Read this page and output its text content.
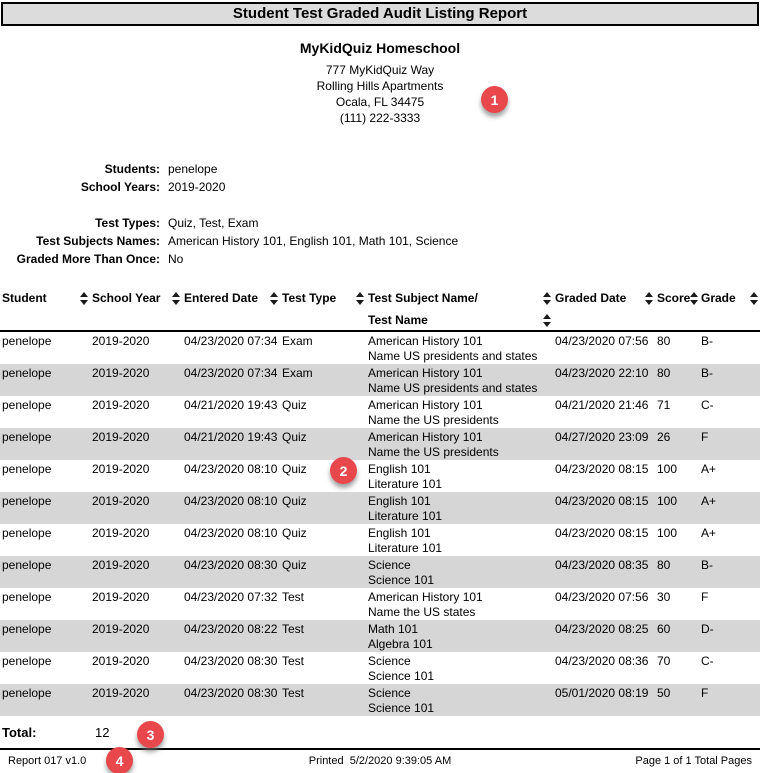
Student Test Graded Audit Listing Report
MyKidQuiz Homeschool
777 MyKidQuiz Way
Rolling Hills Apartments
Ocala, FL 34475
(111) 222-3333
Students: penelope
School Years: 2019-2020
Test Types: Quiz, Test, Exam
Test Subjects Names: American History 101, English 101, Math 101, Science
Graded More Than Once: No
Student	School Year	Entered Date	Test Type	Test Subject Name/
Test Name	Graded Date	Score	Grade

penelope	2019-2020	04/23/2020 07:34	Exam	American History 101
Name US presidents and states	04/23/2020 07:56	80	B-
penelope	2019-2020	04/23/2020 07:34	Exam	American History 101
Name US presidents and states	04/23/2020 22:10	80	B-
penelope	2019-2020	04/21/2020 19:43	Quiz	American History 101
Name the US presidents	04/21/2020 21:46	71	C-
penelope	2019-2020	04/21/2020 19:43	Quiz	American History 101
Name the US presidents	04/27/2020 23:09	26	F
penelope	2019-2020	04/23/2020 08:10	Quiz	English 101
Literature 101	04/23/2020 08:15	100	A+
penelope	2019-2020	04/23/2020 08:10	Quiz	English 101
Literature 101	04/23/2020 08:15	100	A+
penelope	2019-2020	04/23/2020 08:10	Quiz	English 101
Literature 101	04/23/2020 08:15	100	A+
penelope	2019-2020	04/23/2020 08:30	Quiz	Science
Science 101	04/23/2020 08:35	80	B-
penelope	2019-2020	04/23/2020 07:32	Test	American History 101
Name the US states	04/23/2020 07:56	30	F
penelope	2019-2020	04/23/2020 08:22	Test	Math 101
Algebra 101	04/23/2020 08:25	60	D-
penelope	2019-2020	04/23/2020 08:30	Test	Science
Science 101	04/23/2020 08:36	70	C-
penelope	2019-2020	04/23/2020 08:30	Test	Science
Science 101	05/01/2020 08:19	50	F
Total:	12
Report 017 v1.0	Printed  5/2/2020 9:39:05 AM	Page 1 of 1 Total Pages
1
2
3
4
